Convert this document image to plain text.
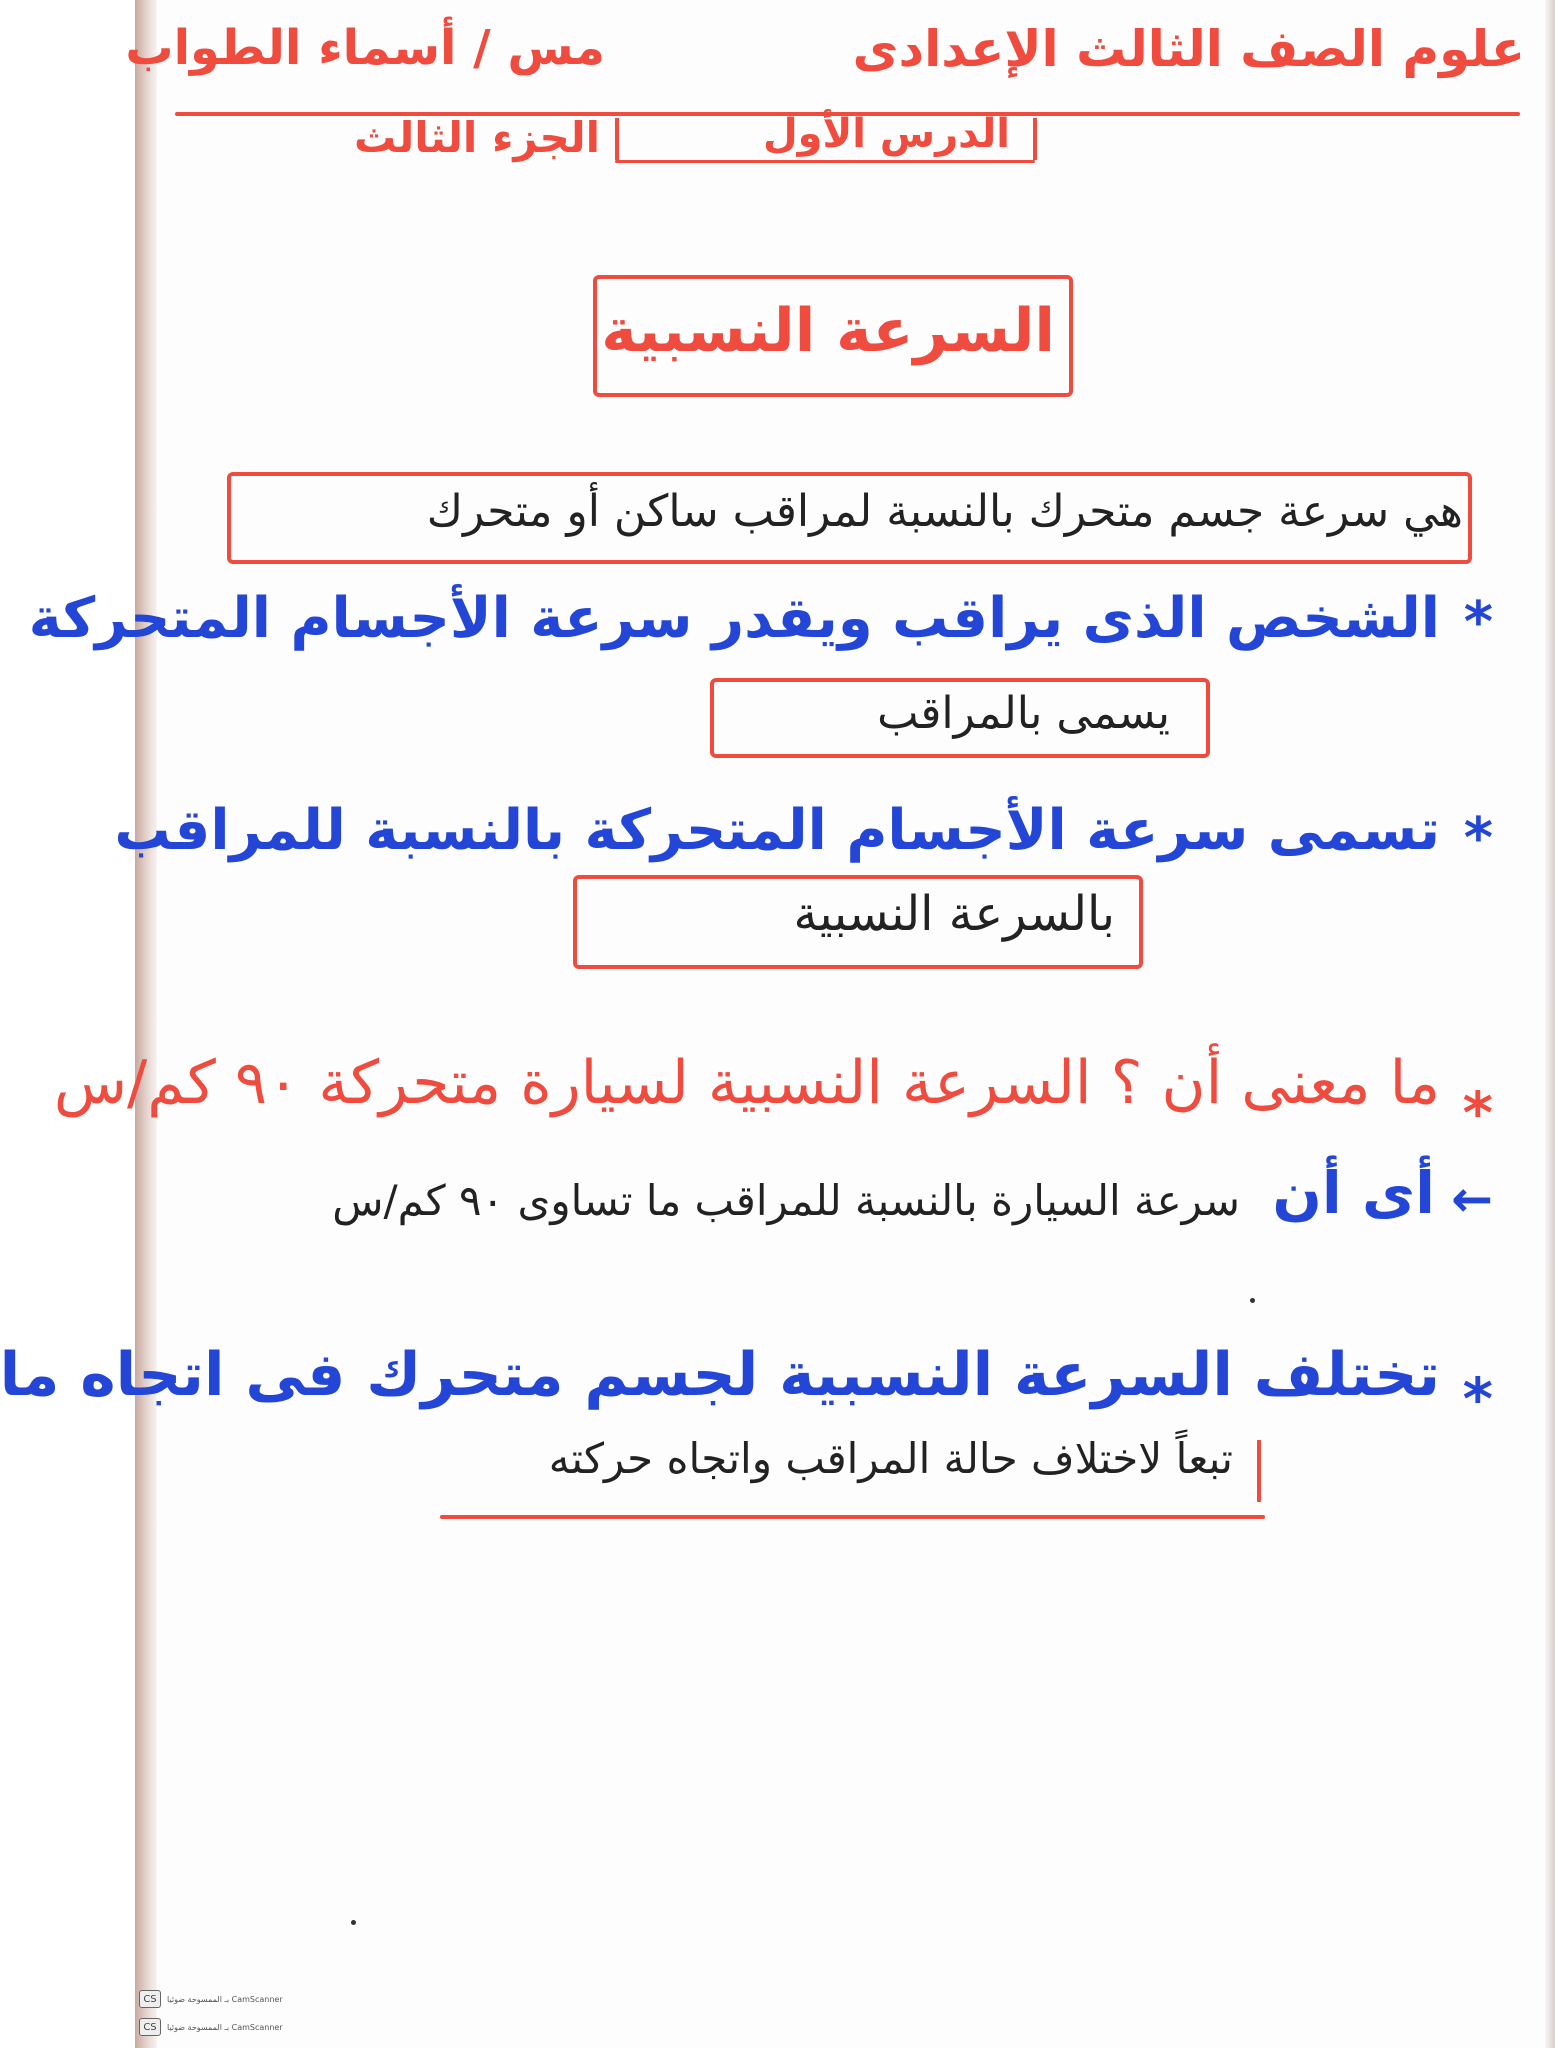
علوم الصف الثالث الإعدادى
مس / أسماء الطواب
الدرس الأول
الجزء الثالث
السرعة النسبية
هي سرعة جسم متحرك بالنسبة لمراقب ساكن أو متحرك
*
الشخص الذى يراقب ويقدر سرعة الأجسام المتحركة
يسمى بالمراقب
*
تسمى سرعة الأجسام المتحركة بالنسبة للمراقب
بالسرعة النسبية
*
ما معنى أن ؟ السرعة النسبية لسيارة متحركة ٩٠ كم/س
←
أى أن
سرعة السيارة بالنسبة للمراقب ما تساوى ٩٠ كم/س
*
تختلف السرعة النسبية لجسم متحرك فى اتجاه ما
تبعاً لاختلاف حالة المراقب واتجاه حركته
CS	CamScanner بـ الممسوحة ضوئيا
CS	CamScanner بـ الممسوحة ضوئيا
